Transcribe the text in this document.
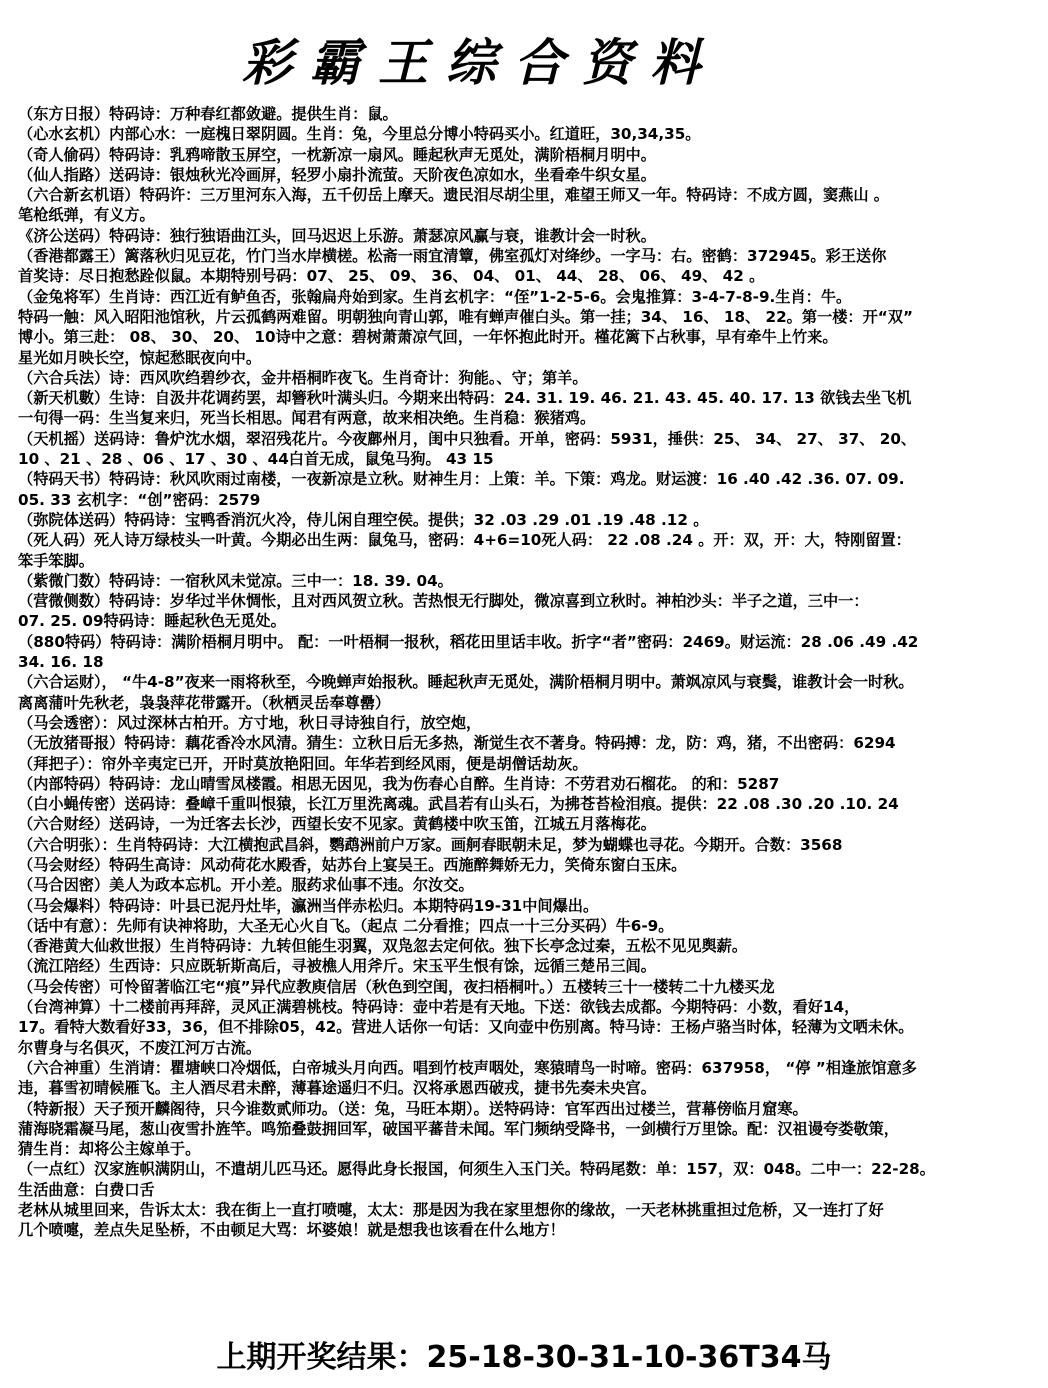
彩霸王综合资料

（东方日报）特码诗：万种春红都敛避。提供生肖：鼠。

（心水玄机）内部心水：一庭槐日翠阴圆。生肖：兔，今里总分博小特码买小。红道旺，30,34,35。

（奇人偷码）特码诗：乳鸦啼散玉屏空，一枕新凉一扇风。睡起秋声无觅处，满阶梧桐月明中。

（仙人指路）送码诗：银烛秋光冷画屏，轻罗小扇扑流萤。天阶夜色凉如水，坐看牵牛织女星。

（六合新玄机语）特码许：三万里河东入海，五千仞岳上摩天。遗民泪尽胡尘里，难望王师又一年。特码诗：不成方圆，窦燕山 。

笔枪纸弹，有义方。

《济公送码）特码诗：独行独语曲江头，回马迟迟上乐游。萧瑟凉风赢与衰，谁教计会一时秋。

（香港都露王）篱落秋归见豆花，竹门当水岸横槎。松斋一雨宜清簟，佛室孤灯对绛纱。一字马：右。密鹤：372945。彩王送你

首奖诗：尽日抱愁跧似鼠。本期特别号码：07、 25、 09、 36、 04、 01、 44、 28、 06、 49、 42 。

（金兔将军）生肖诗：西江近有鲈鱼否，张翰扁舟始到家。生肖玄机字：“侄”1-2-5-6。会鬼推算：3-4-7-8-9.生肖：牛。

特码一触：风入昭阳池馆秋，片云孤鹤两难留。明朝独向青山郭，唯有蝉声催白头。第一挂；34、 16、 18、 22。第一楼：开“双”

博小。第三赴： 08、 30、 20、 10诗中之意：碧树萧萧凉气回，一年怀抱此时开。槿花篱下占秋事，早有牵牛上竹来。

星光如月映长空，惊起愁眠夜向中。

（六合兵法）诗：西风吹绉碧纱衣，金井梧桐昨夜飞。生肖奇计：狗能。、守；第羊。

（新天机數）生诗：自汲井花调药罢，却簪秋叶满头归。今期来出特码：24. 31. 19. 46. 21. 43. 45. 40. 17. 13 欲钱去坐飞机

一句得一码：生当复来归，死当长相思。闻君有两意，故来相决绝。生肖稳：猴猪鸡。

（天机摇）送码诗：鲁炉沈水烟，翠沼残花片。今夜鄜州月，闺中只独看。开单，密码：5931，捶供：25、 34、 27、 37、 20、

10 、21 、28 、06 、17 、30 、44白首无成，鼠兔马狗。 43 15

（特码天书）特码诗：秋风吹雨过南楼，一夜新凉是立秋。财神生月：上策：羊。下策：鸡龙。财运渡：16 .40 .42 .36. 07. 09.

05. 33 玄机字：“创”密码：2579

（弥院体送码）特码诗：宝鸭香消沉火冷，侍儿闲自理空侯。提供；32 .03 .29 .01 .19 .48 .12 。

（死人码）死人诗万绿枝头一叶黄。今期必出生两：鼠兔马，密码：4+6=10死人码： 22 .08 .24 。开：双，开：大，特刚留置：

笨手笨脚。

（紫微门数）特码诗：一宿秋风未觉凉。三中一：18. 39. 04。

（营微侧数）特码诗：岁华过半休惆怅，且对西风贺立秋。苦热恨无行脚处，微凉喜到立秋时。神柏沙头：半子之道，三中一：

07. 25. 09特码诗：睡起秋色无觅处。

（880特码）特码诗：满阶梧桐月明中。 配：一叶梧桐一报秋，稻花田里话丰收。折字“者”密码：2469。财运流：28 .06 .49 .42

34. 16. 18

（六合运财）， “牛4-8”夜来一雨将秋至，今晚蝉声始报秋。睡起秋声无觅处，满阶梧桐月明中。萧飒凉风与衰鬓，谁教计会一时秋。

离离蒲叶先秋老，袅袅萍花带露开。（秋栖灵岳奉尊罍）

（马会透密）：风过深林古柏开。方寸地，秋日寻诗独自行，放空炮，

（无放猪哥报）特码诗：藕花香冷水风清。猜生：立秋日后无多热，渐觉生衣不著身。特码搏：龙，防：鸡，猪，不出密码：6294

（拜把子）：帘外辛夷定已开，开时莫放艳阳回。年华若到经风雨，便是胡僧话劫灰。

（内部特码）特码诗：龙山晴雪凤楼霞。相思无因见，我为伤春心自醉。生肖诗：不劳君劝石榴花。 的和：5287

（白小蝇传密）送码诗：叠嶂千重叫恨猿，长江万里洗离魂。武昌若有山头石，为拂苍苔检泪痕。提供：22 .08 .30 .20 .10. 24

（六合财经）送码诗，一为迁客去长沙，西望长安不见家。黄鹤楼中吹玉笛，江城五月落梅花。

（六合明张）：生肖特码诗：大江横抱武昌斜，鹦鹉洲前户万家。画舸春眠朝未足，梦为蝴蝶也寻花。今期开。合数：3568

（马会财经）特码生高诗：风动荷花水殿香，姑苏台上宴吴王。西施醉舞娇无力，笑倚东窗白玉床。

（马合因密）美人为政本忘机。开小差。服药求仙事不违。尔汝交。

（马会爆料）特码诗：叶县已泥丹灶毕，瀛洲当伴赤松归。本期特码19-31中间爆出。

（话中有意）：先师有诀神将助，大圣无心火自飞。（起点 二分看推；四点一十三分买码）牛6-9。

（香港黄大仙救世报）生肖特码诗：九转但能生羽翼，双凫忽去定何依。独下长亭念过秦，五松不见见舆薪。

（流江陪经）生西诗：只应既斩斯高后，寻被樵人用斧斤。宋玉平生恨有馀，远循三楚吊三闾。

（马会传密）可怜留著临江宅“痕”异代应教庾信居（秋色到空闺，夜扫梧桐叶。）五楼转三十一楼转二十九楼买龙

（台湾神算）十二楼前再拜辞，灵风正满碧桃枝。特码诗：壶中若是有天地。下送：欲钱去成都。今期特码：小数，看好14，

17。看特大数看好33，36，但不排除05，42。营进人话你一句话：又向壶中伤别离。特马诗：王杨卢骆当时体，轻薄为文哂未休。

尔曹身与名俱灭，不废江河万古流。

（六合神重）生消请：瞿塘峡口冷烟低，白帝城头月向西。唱到竹枝声咽处，寒猿晴鸟一时啼。密码：637958， “停 ”相逢旅馆意多

违，暮雪初晴候雁飞。主人酒尽君未醉，薄暮途遥归不归。汉将承恩西破戎，捷书先奏未央宫。

（特新报）天子预开麟阁待，只今谁数贰师功。（送：兔，马旺本期）。送特码诗：官军西出过楼兰，营幕傍临月窟寒。

蒲海晓霜凝马尾，葱山夜雪扑旌竿。鸣笳叠鼓拥回军，破国平蕃昔未闻。军门频纳受降书，一剑横行万里馀。配：汉祖谩夸娄敬策，

猜生肖：却将公主嫁单于。

（一点红）汉家旌帜满阴山，不遣胡儿匹马还。愿得此身长报国，何须生入玉门关。特码尾数：单：157，双：048。二中一：22-28。

生活曲意：白费口舌

老林从城里回来，告诉太太：我在街上一直打喷嚏，太太：那是因为我在家里想你的缘故，一天老林挑重担过危桥，又一连打了好

几个喷嚏，差点失足坠桥，不由顿足大骂：坏婆娘！就是想我也该看在什么地方！

上期开奖结果：25-18-30-31-10-36T34马
